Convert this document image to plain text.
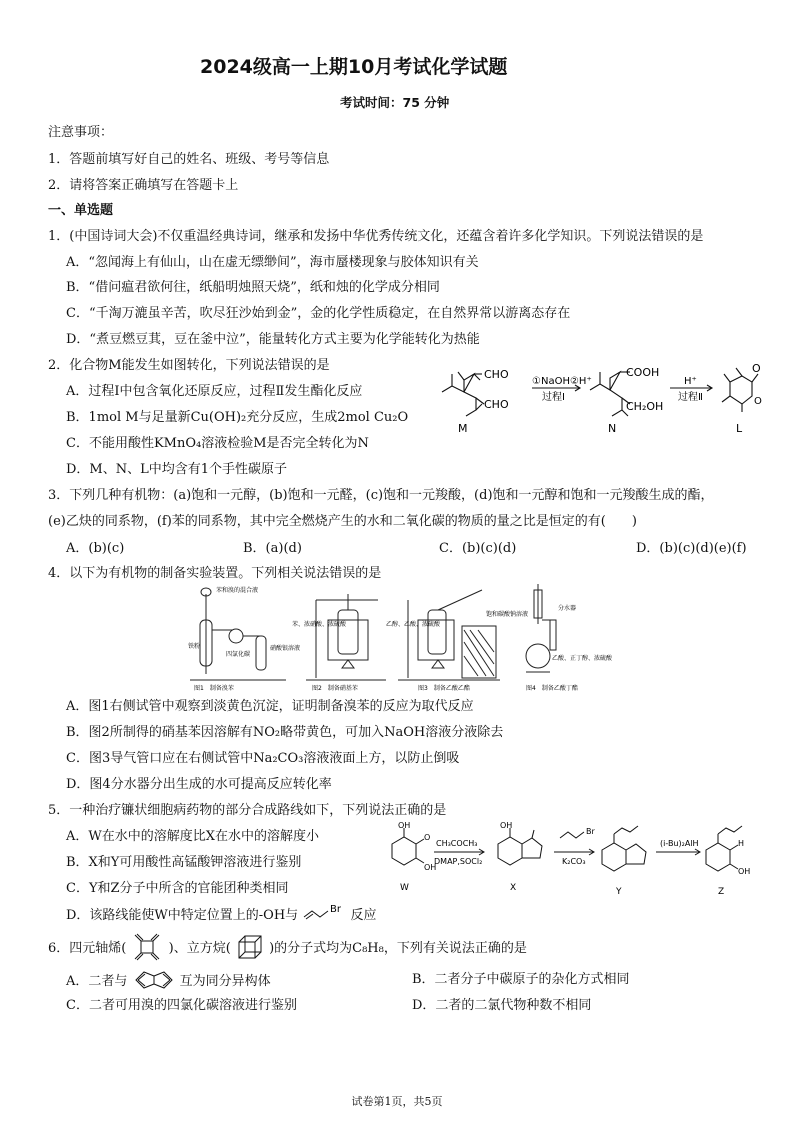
2024级高一上期10月考试化学试题
考试时间：75 分钟
注意事项：
1．答题前填写好自己的姓名、班级、考号等信息
2．请将答案正确填写在答题卡上
一、单选题
1．(中国诗词大会)不仅重温经典诗词，继承和发扬中华优秀传统文化，还蕴含着许多化学知识。下列说法错误的是
A．“忽闻海上有仙山，山在虚无缥缈间”，海市蜃楼现象与胶体知识有关
B．“借问瘟君欲何往，纸船明烛照天烧”，纸和烛的化学成分相同
C．“千淘万漉虽辛苦，吹尽狂沙始到金”，金的化学性质稳定，在自然界常以游离态存在
D．“煮豆燃豆萁，豆在釜中泣”，能量转化方式主要为化学能转化为热能
2．化合物M能发生如图转化，下列说法错误的是
A．过程Ⅰ中包含氧化还原反应，过程Ⅱ发生酯化反应
B．1mol M与足量新Cu(OH)₂充分反应，生成2mol Cu₂O
C．不能用酸性KMnO₄溶液检验M是否完全转化为N
D．M、N、L中均含有1个手性碳原子
CHO
CHO
①NaOH②H⁺
过程Ⅰ
COOH
CH₂OH
H⁺
过程Ⅱ
O
O
M	N	L
3．下列几种有机物：(a)饱和一元醇，(b)饱和一元醛，(c)饱和一元羧酸，(d)饱和一元醇和饱和一元羧酸生成的酯，
(e)乙炔的同系物，(f)苯的同系物，其中完全燃烧产生的水和二氧化碳的物质的量之比是恒定的有(　　)
A．(b)(c)	B．(a)(d)	C．(b)(c)(d)	D．(b)(c)(d)(e)(f)
4．以下为有机物的制备实验装置。下列相关说法错误的是
苯和溴的混合液
铁粉
四氯化碳
硝酸银溶液
苯、浓硝酸、浓硫酸	乙醇、乙酸、浓硫酸
饱和碳酸钠溶液
分水器
乙酸、正丁醇、浓硫酸
图1　制备溴苯	图2　制备硝基苯	图3　制备乙酸乙酯	图4　制备乙酸丁酯
A．图1右侧试管中观察到淡黄色沉淀，证明制备溴苯的反应为取代反应
B．图2所制得的硝基苯因溶解有NO₂略带黄色，可加入NaOH溶液分液除去
C．图3导气管口应在右侧试管中Na₂CO₃溶液液面上方，以防止倒吸
D．图4分水器分出生成的水可提高反应转化率
5．一种治疗镰状细胞病药物的部分合成路线如下，下列说法正确的是
A．W在水中的溶解度比X在水中的溶解度小
B．X和Y可用酸性高锰酸钾溶液进行鉴别
C．Y和Z分子中所含的官能团种类相同
D．该路线能使W中特定位置上的-OH与	Br 反应
OH
O
OH
CH₃COCH₃
DMAP,SOCl₂
OH
Br
K₂CO₃
(i-Bu)₂AlH	H
OH
W	X	Y	Z
6．四元轴烯(	)、立方烷(	)的分子式均为C₈H₈，下列有关说法正确的是
A．二者与	互为同分异构体	B．二者分子中碳原子的杂化方式相同
C．二者可用溴的四氯化碳溶液进行鉴别	D．二者的二氯代物种数不相同
试卷第1页，共5页
